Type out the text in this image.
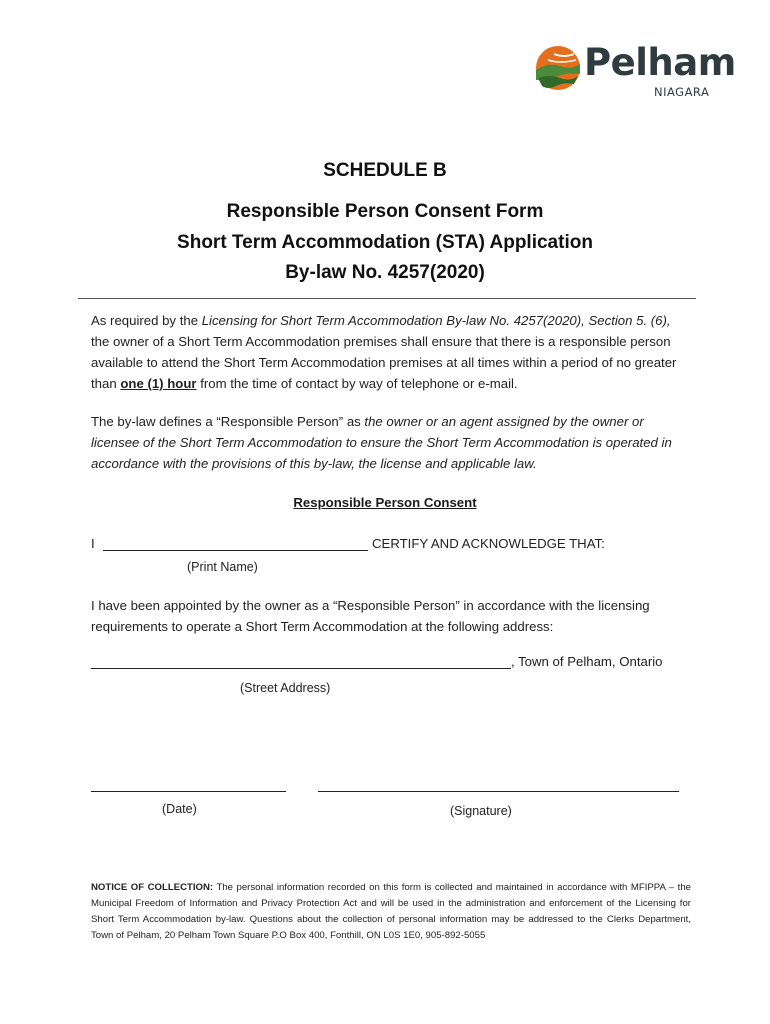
Pelham
NIAGARA
SCHEDULE B
Responsible Person Consent Form
Short Term Accommodation (STA) Application
By-law No. 4257(2020)
As required by the Licensing for Short Term Accommodation By-law No. 4257(2020), Section 5. (6), the owner of a Short Term Accommodation premises shall ensure that there is a responsible person available to attend the Short Term Accommodation premises at all times within a period of no greater than one (1) hour from the time of contact by way of telephone or e-mail.
The by-law defines a “Responsible Person” as the owner or an agent assigned by the owner or licensee of the Short Term Accommodation to ensure the Short Term Accommodation is operated in accordance with the provisions of this by-law, the license and applicable law.
Responsible Person Consent
I	CERTIFY AND ACKNOWLEDGE THAT:
(Print Name)
I have been appointed by the owner as a “Responsible Person” in accordance with the licensing requirements to operate a Short Term Accommodation at the following address:
, Town of Pelham, Ontario
(Street Address)
(Date)	(Signature)
NOTICE OF COLLECTION: The personal information recorded on this form is collected and maintained in accordance with MFIPPA – the Municipal Freedom of Information and Privacy Protection Act and will be used in the administration and enforcement of the Licensing for Short Term Accommodation by-law. Questions about the collection of personal information may be addressed to the Clerks Department, Town of Pelham, 20 Pelham Town Square P.O Box 400, Fonthill, ON L0S 1E0, 905-892-5055
